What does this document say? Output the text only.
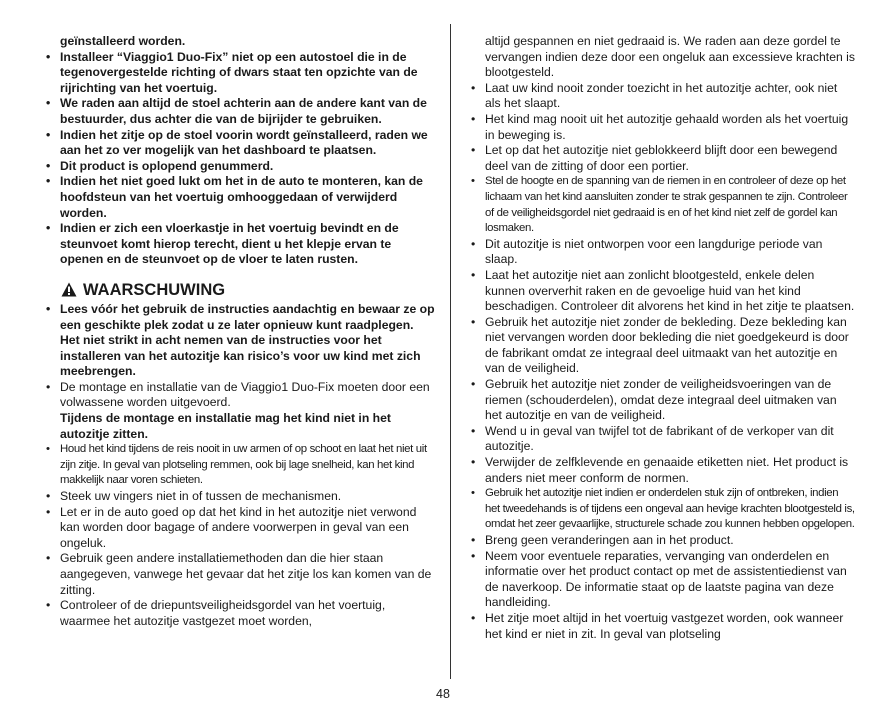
geïnstalleerd worden.

• Installeer “Viaggio1 Duo-Fix” niet op een autostoel die in de tegenovergestelde richting of dwars staat ten opzichte van de rijrichting van het voertuig.
• We raden aan altijd de stoel achterin aan de andere kant van de bestuurder, dus achter die van de bijrijder te gebruiken.
• Indien het zitje op de stoel voorin wordt geïnstalleerd, raden we aan het zo ver mogelijk van het dashboard te plaatsen.
• Dit product is oplopend genummerd.
• Indien het niet goed lukt om het in de auto te monteren, kan de hoofdsteun van het voertuig omhooggedaan of verwijderd worden.
• Indien er zich een vloerkastje in het voertuig bevindt en de steunvoet komt hierop terecht, dient u het klepje ervan te openen en de steunvoet op de vloer te laten rusten.
WAARSCHUWING
• Lees vóór het gebruik de instructies aandachtig en bewaar ze op een geschikte plek zodat u ze later opnieuw kunt raadplegen. Het niet strikt in acht nemen van de instructies voor het installeren van het autozitje kan risico’s voor uw kind met zich meebrengen.
• De montage en installatie van de Viaggio1 Duo-Fix moeten door een volwassene worden uitgevoerd.
Tijdens de montage en installatie mag het kind niet in het autozitje zitten.
• Houd het kind tijdens de reis nooit in uw armen of op schoot en laat het niet uit zijn zitje. In geval van plotseling remmen, ook bij lage snelheid, kan het kind makkelijk naar voren schieten.
• Steek uw vingers niet in of tussen de mechanismen.
• Let er in de auto goed op dat het kind in het autozitje niet verwond kan worden door bagage of andere voorwerpen in geval van een ongeluk.
• Gebruik geen andere installatiemethoden dan die hier staan aangegeven, vanwege het gevaar dat het zitje los kan komen van de zitting.
• Controleer of de driepuntsveiligheidsgordel van het voertuig, waarmee het autozitje vastgezet moet worden,

altijd gespannen en niet gedraaid is. We raden aan deze gordel te vervangen indien deze door een ongeluk aan excessieve krachten is blootgesteld.

• Laat uw kind nooit zonder toezicht in het autozitje achter, ook niet als het slaapt.
• Het kind mag nooit uit het autozitje gehaald worden als het voertuig in beweging is.
• Let op dat het autozitje niet geblokkeerd blijft door een bewegend deel van de zitting of door een portier.
• Stel de hoogte en de spanning van de riemen in en controleer of deze op het lichaam van het kind aansluiten zonder te strak gespannen te zijn. Controleer of de veiligheidsgordel niet gedraaid is en of het kind niet zelf de gordel kan losmaken.
• Dit autozitje is niet ontworpen voor een langdurige periode van slaap.
• Laat het autozitje niet aan zonlicht blootgesteld, enkele delen kunnen oververhit raken en de gevoelige huid van het kind beschadigen. Controleer dit alvorens het kind in het zitje te plaatsen.
• Gebruik het autozitje niet zonder de bekleding. Deze bekleding kan niet vervangen worden door bekleding die niet goedgekeurd is door de fabrikant omdat ze integraal deel uitmaakt van het autozitje en van de veiligheid.
• Gebruik het autozitje niet zonder de veiligheidsvoeringen van de riemen (schouderdelen), omdat deze integraal deel uitmaken van het autozitje en van de veiligheid.
• Wend u in geval van twijfel tot de fabrikant of de verkoper van dit autozitje.
• Verwijder de zelfklevende en genaaide etiketten niet. Het product is anders niet meer conform de normen.
• Gebruik het autozitje niet indien er onderdelen stuk zijn of ontbreken, indien het tweedehands is of tijdens een ongeval aan hevige krachten blootgesteld is, omdat het zeer gevaarlijke, structurele schade zou kunnen hebben opgelopen.
• Breng geen veranderingen aan in het product.
• Neem voor eventuele reparaties, vervanging van onderdelen en informatie over het product contact op met de assistentiedienst van de naverkoop. De informatie staat op de laatste pagina van deze handleiding.
• Het zitje moet altijd in het voertuig vastgezet worden, ook wanneer het kind er niet in zit. In geval van plotseling
48
